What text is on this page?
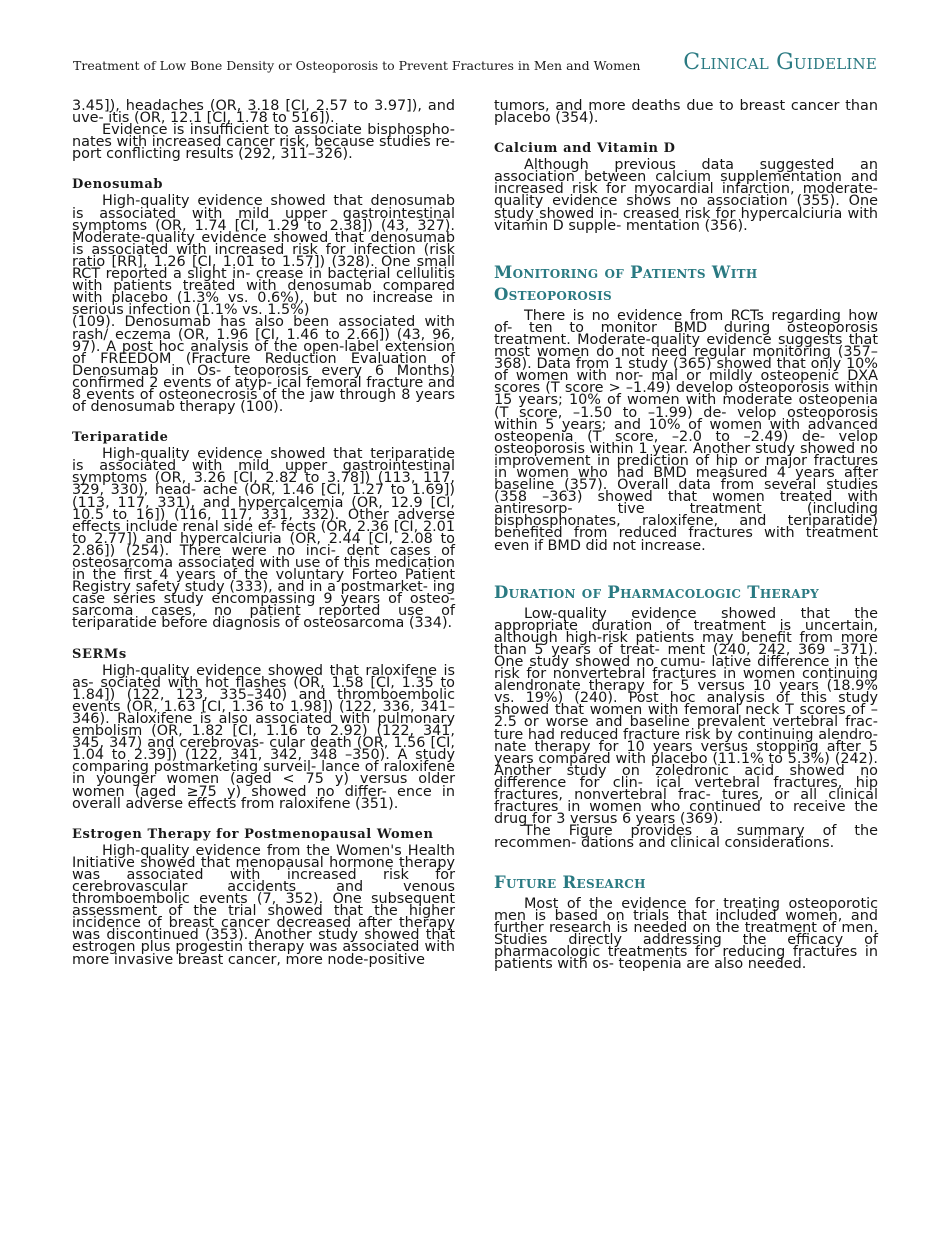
Treatment of Low Bone Density or Osteoporosis to Prevent Fractures in Men and Women Clinical Guideline

3.45]), headaches (OR, 3.18 [CI, 2.57 to 3.97]), and uve- itis (OR, 12.1 [CI, 1.78 to 516]).

Evidence is insufficient to associate bisphospho- nates with increased cancer risk, because studies re- port conflicting results (292, 311–326).

Denosumab

High-quality evidence showed that denosumab is associated with mild upper gastrointestinal symptoms (OR, 1.74 [CI, 1.29 to 2.38]) (43, 327). Moderate-quality evidence showed that denosumab is associated with increased risk for infection (risk ratio [RR], 1.26 [CI, 1.01 to 1.57]) (328). One small RCT reported a slight in- crease in bacterial cellulitis with patients treated with denosumab compared with placebo (1.3% vs. 0.6%), but no increase in serious infection (1.1% vs. 1.5%)

(109). Denosumab has also been associated with rash/ eczema (OR, 1.96 [CI, 1.46 to 2.66]) (43, 96, 97). A post hoc analysis of the open-label extension of FREEDOM (Fracture Reduction Evaluation of Denosumab in Os- teoporosis every 6 Months) confirmed 2 events of atyp- ical femoral fracture and 8 events of osteonecrosis of the jaw through 8 years of denosumab therapy (100).

Teriparatide

High-quality evidence showed that teriparatide is associated with mild upper gastrointestinal symptoms (OR, 3.26 [CI, 2.82 to 3.78]) (113, 117, 329, 330), head- ache (OR, 1.46 [CI, 1.27 to 1.69]) (113, 117, 331), and hypercalcemia (OR, 12.9 [CI, 10.5 to 16]) (116, 117, 331, 332). Other adverse effects include renal side ef- fects (OR, 2.36 [CI, 2.01 to 2.77]) and hypercalciuria (OR, 2.44 [CI, 2.08 to 2.86]) (254). There were no inci- dent cases of osteosarcoma associated with use of this medication in the first 4 years of the voluntary Forteo Patient Registry safety study (333), and in a postmarket- ing case series study encompassing 9 years of osteo- sarcoma cases, no patient reported use of teriparatide before diagnosis of osteosarcoma (334).

SERMs

High-quality evidence showed that raloxifene is as- sociated with hot flashes (OR, 1.58 [CI, 1.35 to 1.84]) (122, 123, 335–340) and thromboembolic events (OR, 1.63 [CI, 1.36 to 1.98]) (122, 336, 341–346). Raloxifene is also associated with pulmonary embolism (OR, 1.82 [CI, 1.16 to 2.92) (122, 341, 345, 347) and cerebrovas- cular death (OR, 1.56 [CI, 1.04 to 2.39]) (122, 341, 342, 348 –350). A study comparing postmarketing surveil- lance of raloxifene in younger women (aged < 75 y) versus older women (aged ≥75 y) showed no differ- ence in overall adverse effects from raloxifene (351).

Estrogen Therapy for Postmenopausal Women

High-quality evidence from the Women's Health Initiative showed that menopausal hormone therapy was associated with increased risk for cerebrovascular accidents and venous thromboembolic events (7, 352). One subsequent assessment of the trial showed that the higher incidence of breast cancer decreased after therapy was discontinued (353). Another study showed that estrogen plus progestin therapy was associated with more invasive breast cancer, more node-positive

tumors, and more deaths due to breast cancer than placebo (354).

Calcium and Vitamin D

Although previous data suggested an association between calcium supplementation and increased risk for myocardial infarction, moderate-quality evidence shows no association (355). One study showed in- creased risk for hypercalciuria with vitamin D supple- mentation (356).

Monitoring of Patients With Osteoporosis

There is no evidence from RCTs regarding how of- ten to monitor BMD during osteoporosis treatment. Moderate-quality evidence suggests that most women do not need regular monitoring (357–368). Data from 1 study (365) showed that only 10% of women with nor- mal or mildly osteopenic DXA scores (T score > –1.49) develop osteoporosis within 15 years; 10% of women with moderate osteopenia (T score, –1.50 to –1.99) de- velop osteoporosis within 5 years; and 10% of women with advanced osteopenia (T score, –2.0 to –2.49) de- velop osteoporosis within 1 year. Another study showed no improvement in prediction of hip or major fractures in women who had BMD measured 4 years after baseline (357). Overall data from several studies (358 –363) showed that women treated with antiresorp- tive treatment (including bisphosphonates, raloxifene, and teriparatide) benefited from reduced fractures with treatment even if BMD did not increase.

Duration of Pharmacologic Therapy

Low-quality evidence showed that the appropriate duration of treatment is uncertain, although high-risk patients may benefit from more than 5 years of treat- ment (240, 242, 369 –371). One study showed no cumu- lative difference in the risk for nonvertebral fractures in women continuing alendronate therapy for 5 versus 10 years (18.9% vs. 19%) (240). Post hoc analysis of this study showed that women with femoral neck T scores of –2.5 or worse and baseline prevalent vertebral frac- ture had reduced fracture risk by continuing alendro- nate therapy for 10 years versus stopping after 5 years compared with placebo (11.1% to 5.3%) (242). Another study on zoledronic acid showed no difference for clin- ical vertebral fractures, hip fractures, nonvertebral frac- tures, or all clinical fractures in women who continued to receive the drug for 3 versus 6 years (369).

The Figure provides a summary of the recommen- dations and clinical considerations.

Future Research

Most of the evidence for treating osteoporotic men is based on trials that included women, and further research is needed on the treatment of men. Studies directly addressing the efficacy of pharmacologic treatments for reducing fractures in patients with os- teopenia are also needed.
